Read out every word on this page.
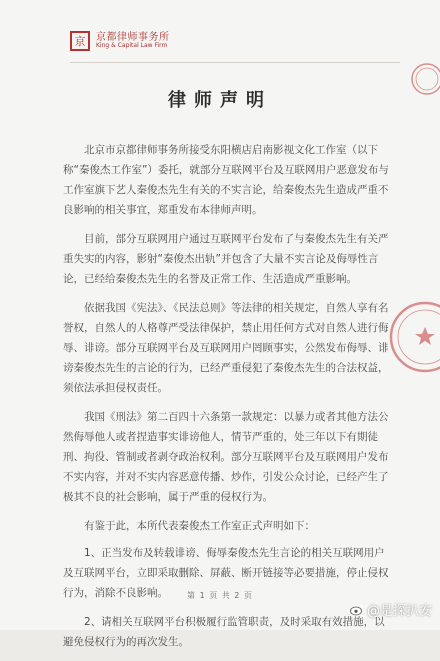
京	京都律师事务所
King & Capital Law Firm
律师声明

北京市京都律师事务所接受东阳横店启南影视文化工作室（以下称“秦俊杰工作室”）委托，就部分互联网平台及互联网用户恶意发布与工作室旗下艺人秦俊杰先生有关的不实言论，给秦俊杰先生造成严重不良影响的相关事宜，郑重发布本律师声明。

目前，部分互联网用户通过互联网平台发布了与秦俊杰先生有关严重失实的内容，影射“秦俊杰出轨”并包含了大量不实言论及侮辱性言论，已经给秦俊杰先生的名誉及正常工作、生活造成严重影响。

依据我国《宪法》、《民法总则》等法律的相关规定，自然人享有名誉权，自然人的人格尊严受法律保护，禁止用任何方式对自然人进行侮辱、诽谤。部分互联网平台及互联网用户罔顾事实，公然发布侮辱、诽谤秦俊杰先生的言论的行为，已经严重侵犯了秦俊杰先生的合法权益，须依法承担侵权责任。

我国《刑法》第二百四十六条第一款规定：以暴力或者其他方法公然侮辱他人或者捏造事实诽谤他人，情节严重的，处三年以下有期徒刑、拘役、管制或者剥夺政治权利。部分互联网平台及互联网用户发布不实内容，并对不实内容恶意传播、炒作，引发公众讨论，已经产生了极其不良的社会影响，属于严重的侵权行为。

有鉴于此，本所代表秦俊杰工作室正式声明如下：

1、正当发布及转载诽谤、侮辱秦俊杰先生言论的相关互联网用户及互联网平台，立即采取删除、屏蔽、断开链接等必要措施，停止侵权行为，消除不良影响。

2、请相关互联网平台积极履行监管职责，及时采取有效措施，以避免侵权行为的再次发生。

第 1 页 共 2 页
@是探扒安
